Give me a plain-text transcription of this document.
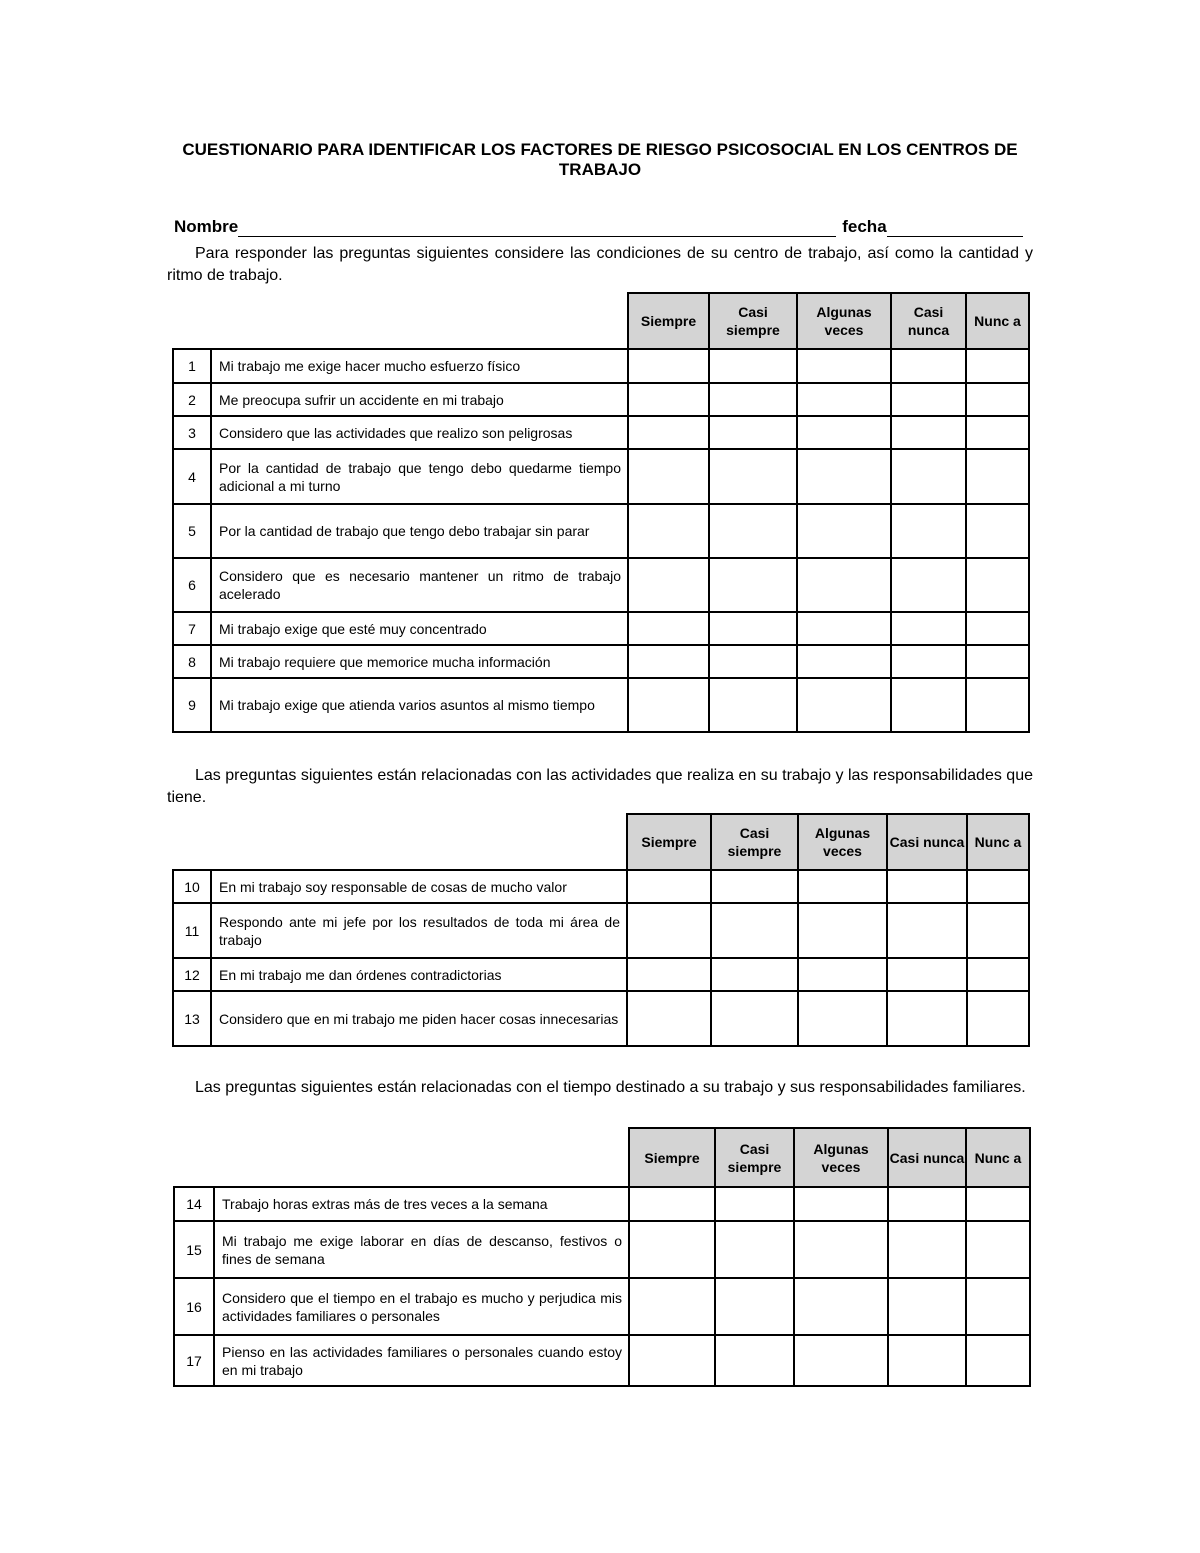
CUESTIONARIO PARA IDENTIFICAR LOS FACTORES DE RIESGO PSICOSOCIAL EN LOS CENTROS DE TRABAJO
Nombre	fecha
Para responder las preguntas siguientes considere las condiciones de su centro de trabajo, así como la cantidad y ritmo de trabajo.
		Siempre	Casi siempre	Algunas veces	Casi nunca	Nunc a
1	Mi trabajo me exige hacer mucho esfuerzo físico					
2	Me preocupa sufrir un accidente en mi trabajo					
3	Considero que las actividades que realizo son peligrosas					
4	Por la cantidad de trabajo que tengo debo quedarme tiempo adicional a mi turno					
5	Por la cantidad de trabajo que tengo debo trabajar sin parar					
6	Considero que es necesario mantener un ritmo de trabajo acelerado					
7	Mi trabajo exige que esté muy concentrado					
8	Mi trabajo requiere que memorice mucha información					
9	Mi trabajo exige que atienda varios asuntos al mismo tiempo					
Las preguntas siguientes están relacionadas con las actividades que realiza en su trabajo y las responsabilidades que tiene.
		Siempre	Casi siempre	Algunas veces	Casi nunca	Nunc a
10	En mi trabajo soy responsable de cosas de mucho valor					
11	Respondo ante mi jefe por los resultados de toda mi área de trabajo					
12	En mi trabajo me dan órdenes contradictorias					
13	Considero que en mi trabajo me piden hacer cosas innecesarias					
Las preguntas siguientes están relacionadas con el tiempo destinado a su trabajo y sus responsabilidades familiares.
		Siempre	Casi siempre	Algunas veces	Casi nunca	Nunc a
14	Trabajo horas extras más de tres veces a la semana					
15	Mi trabajo me exige laborar en días de descanso, festivos o fines de semana					
16	Considero que el tiempo en el trabajo es mucho y perjudica mis actividades familiares o personales					
17	Pienso en las actividades familiares o personales cuando estoy en mi trabajo					
